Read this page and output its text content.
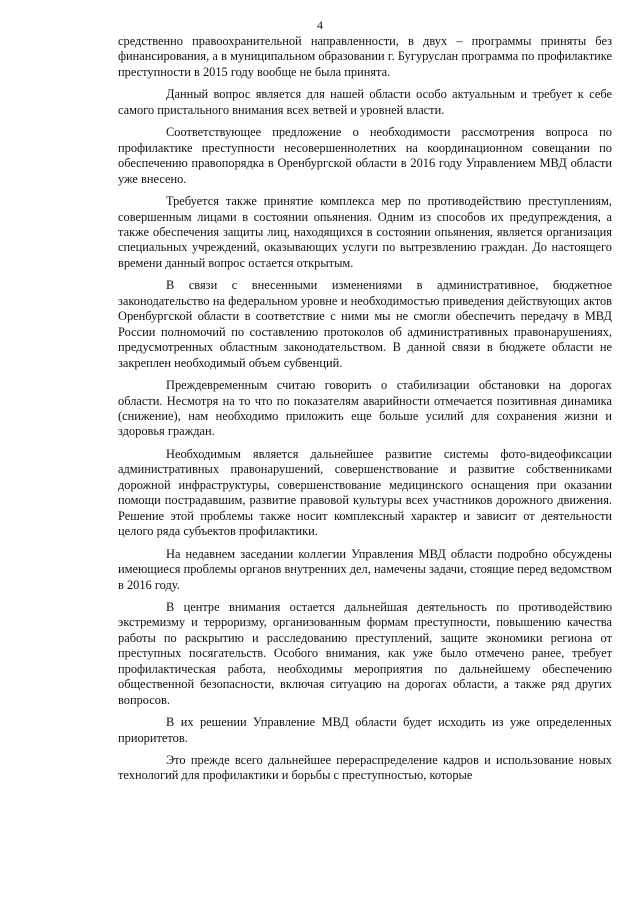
4

средственно правоохранительной направленности, в двух – программы приняты без финансирования, а в муниципальном образовании г. Бугуруслан программа по профилактике преступности в 2015 году вообще не была принята.

Данный вопрос является для нашей области особо актуальным и требует к себе самого пристального внимания всех ветвей и уровней власти.

Соответствующее предложение о необходимости рассмотрения вопроса по профилактике преступности несовершеннолетних на координационном совещании по обеспечению правопорядка в Оренбургской области в 2016 году Управлением МВД области уже внесено.

Требуется также принятие комплекса мер по противодействию преступлениям, совершенным лицами в состоянии опьянения. Одним из способов их предупреждения, а также обеспечения защиты лиц, находящихся в состоянии опьянения, является организация специальных учреждений, оказывающих услуги по вытрезвлению граждан. До настоящего времени данный вопрос остается открытым.

В связи с внесенными изменениями в административное, бюджетное законодательство на федеральном уровне и необходимостью приведения действующих актов Оренбургской области в соответствие с ними мы не смогли обеспечить передачу в МВД России полномочий по составлению протоколов об административных правонарушениях, предусмотренных областным законодательством. В данной связи в бюджете области не закреплен необходимый объем субвенций.

Преждевременным считаю говорить о стабилизации обстановки на дорогах области. Несмотря на то что по показателям аварийности отмечается позитивная динамика (снижение), нам необходимо приложить еще больше усилий для сохранения жизни и здоровья граждан.

Необходимым является дальнейшее развитие системы фото-видеофиксации административных правонарушений, совершенствование и развитие собственниками дорожной инфраструктуры, совершенствование медицинского оснащения при оказании помощи пострадавшим, развитие правовой культуры всех участников дорожного движения. Решение этой проблемы также носит комплексный характер и зависит от деятельности целого ряда субъектов профилактики.

На недавнем заседании коллегии Управления МВД области подробно обсуждены имеющиеся проблемы органов внутренних дел, намечены задачи, стоящие перед ведомством в 2016 году.

В центре внимания остается дальнейшая деятельность по противодействию экстремизму и терроризму, организованным формам преступности, повышению качества работы по раскрытию и расследованию преступлений, защите экономики региона от преступных посягательств. Особого внимания, как уже было отмечено ранее, требует профилактическая работа, необходимы мероприятия по дальнейшему обеспечению общественной безопасности, включая ситуацию на дорогах области, а также ряд других вопросов.

В их решении Управление МВД области будет исходить из уже определенных приоритетов.

Это прежде всего дальнейшее перераспределение кадров и использование новых технологий для профилактики и борьбы с преступностью, которые
